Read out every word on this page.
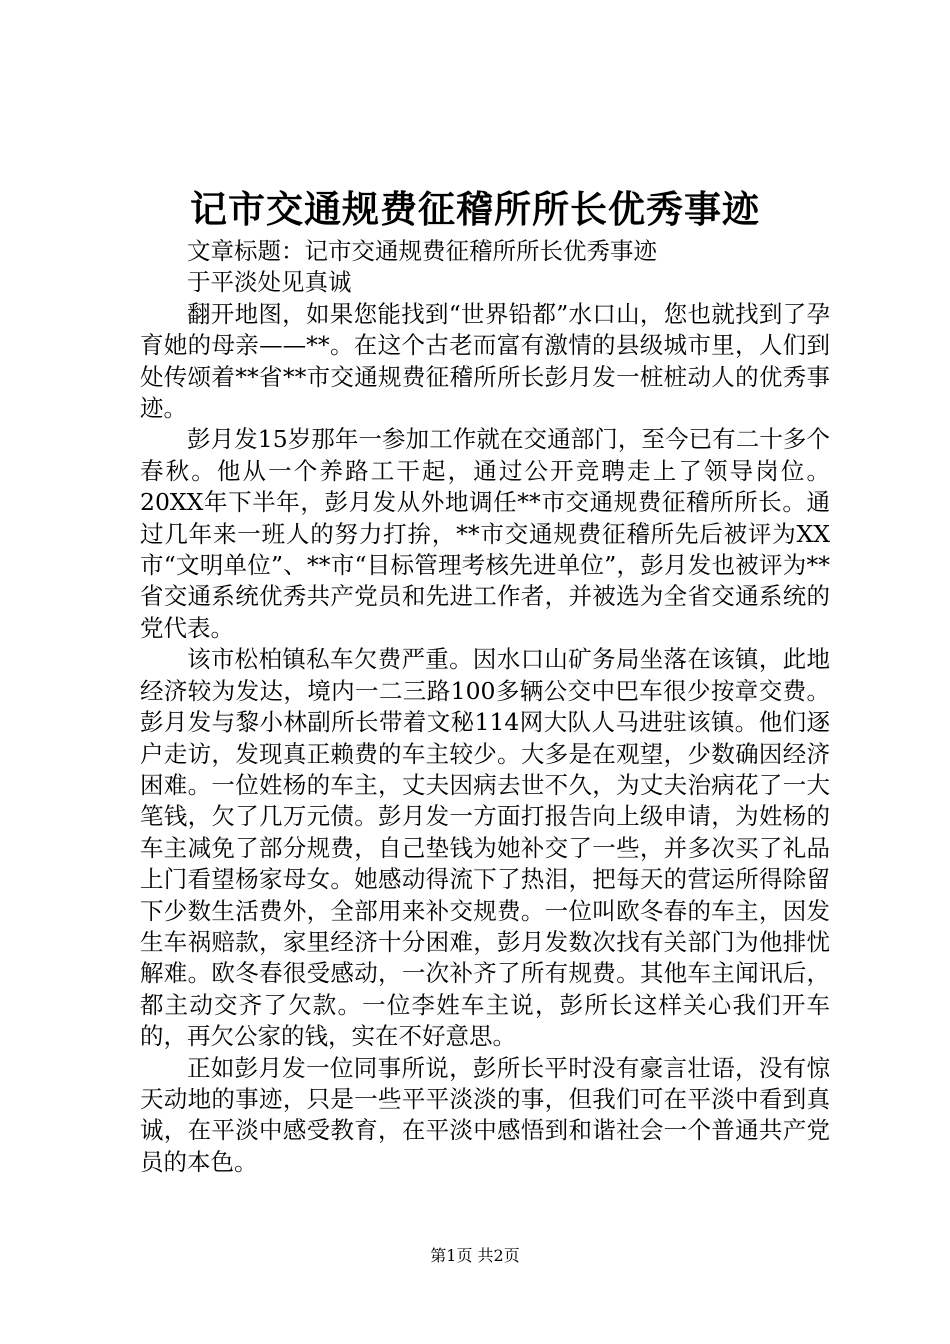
记市交通规费征稽所所长优秀事迹

文章标题：记市交通规费征稽所所长优秀事迹

于平淡处见真诚

翻开地图，如果您能找到“世界铅都”水口山，您也就找到了孕育她的母亲——**。在这个古老而富有激情的县级城市里，人们到处传颂着**省**市交通规费征稽所所长彭月发一桩桩动人的优秀事迹。

彭月发15岁那年一参加工作就在交通部门，至今已有二十多个春秋。他从一个养路工干起，通过公开竞聘走上了领导岗位。20XX年下半年，彭月发从外地调任**市交通规费征稽所所长。通过几年来一班人的努力打拚，**市交通规费征稽所先后被评为XX市“文明单位”、**市“目标管理考核先进单位”，彭月发也被评为**省交通系统优秀共产党员和先进工作者，并被选为全省交通系统的党代表。

该市松柏镇私车欠费严重。因水口山矿务局坐落在该镇，此地经济较为发达，境内一二三路100多辆公交中巴车很少按章交费。彭月发与黎小林副所长带着文秘114网大队人马进驻该镇。他们逐户走访，发现真正赖费的车主较少。大多是在观望，少数确因经济困难。一位姓杨的车主，丈夫因病去世不久，为丈夫治病花了一大笔钱，欠了几万元债。彭月发一方面打报告向上级申请，为姓杨的车主减免了部分规费，自己垫钱为她补交了一些，并多次买了礼品上门看望杨家母女。她感动得流下了热泪，把每天的营运所得除留下少数生活费外，全部用来补交规费。一位叫欧冬春的车主，因发生车祸赔款，家里经济十分困难，彭月发数次找有关部门为他排忧解难。欧冬春很受感动，一次补齐了所有规费。其他车主闻讯后，都主动交齐了欠款。一位李姓车主说，彭所长这样关心我们开车的，再欠公家的钱，实在不好意思。

正如彭月发一位同事所说，彭所长平时没有豪言壮语，没有惊天动地的事迹，只是一些平平淡淡的事，但我们可在平淡中看到真诚，在平淡中感受教育，在平淡中感悟到和谐社会一个普通共产党员的本色。

第1页 共2页
